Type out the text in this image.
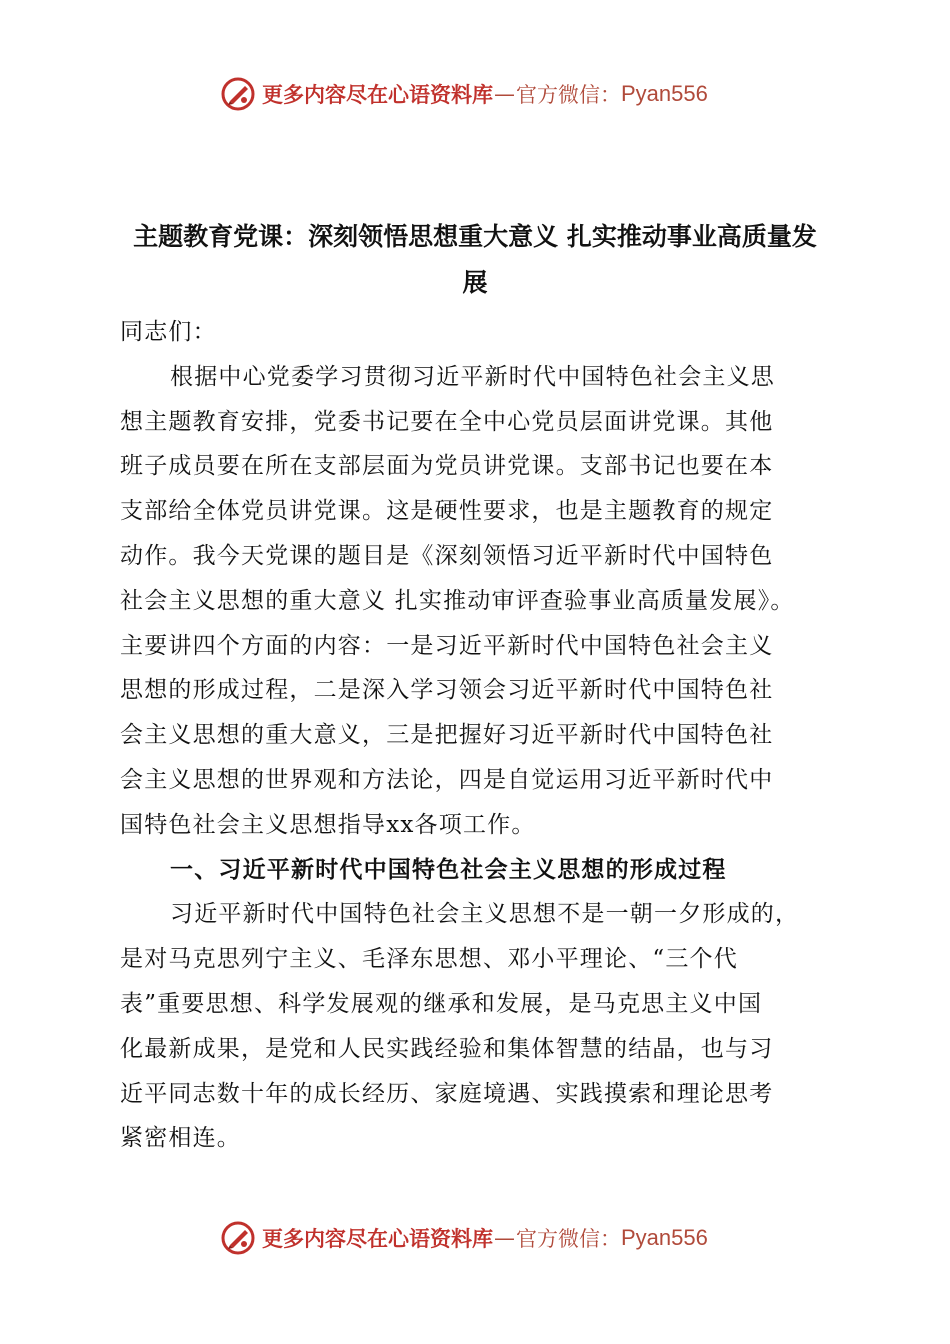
更多内容尽在心语资料库 — 官方微信： Pyan556
主题教育党课：深刻领悟思想重大意义 扎实推动事业高质量发
展
同志们：
根据中心党委学习贯彻习近平新时代中国特色社会主义思
想主题教育安排，党委书记要在全中心党员层面讲党课。其他
班子成员要在所在支部层面为党员讲党课。支部书记也要在本
支部给全体党员讲党课。这是硬性要求，也是主题教育的规定
动作。我今天党课的题目是《深刻领悟习近平新时代中国特色
社会主义思想的重大意义 扎实推动审评查验事业高质量发展》。
主要讲四个方面的内容：一是习近平新时代中国特色社会主义
思想的形成过程，二是深入学习领会习近平新时代中国特色社
会主义思想的重大意义，三是把握好习近平新时代中国特色社
会主义思想的世界观和方法论，四是自觉运用习近平新时代中
国特色社会主义思想指导xx各项工作。
一、习近平新时代中国特色社会主义思想的形成过程
习近平新时代中国特色社会主义思想不是一朝一夕形成的，
是对马克思列宁主义、毛泽东思想、邓小平理论、“三个代
表”重要思想、科学发展观的继承和发展，是马克思主义中国
化最新成果，是党和人民实践经验和集体智慧的结晶，也与习
近平同志数十年的成长经历、家庭境遇、实践摸索和理论思考
紧密相连。
更多内容尽在心语资料库 — 官方微信： Pyan556
